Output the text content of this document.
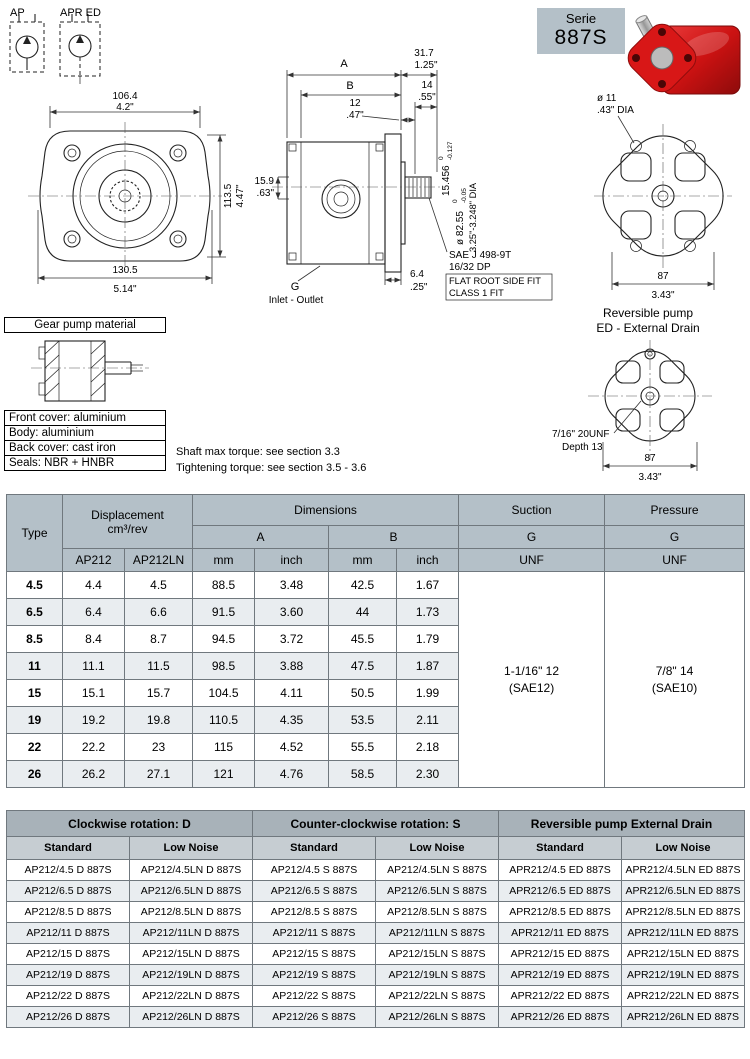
AP	APR ED
106.4
4.2"
113.5 4.47"
130.5
5.14"
A
31.7
1.25"
B	14
.55"
12
.47"
15.9
.63"
6.4
.25"
15.456
0 -0.127
ø 82.55
0 -0.05 3.25"-3.248" DIA
SAE J 498-9T
16/32 DP
FLAT ROOT SIDE FIT
CLASS 1 FIT
G
Inlet - Outlet
ø 11
.43" DIA
87
3.43"
Reversible pump
ED - External Drain
7/16" 20UNF
Depth 13
87
3.43"
Serie
887S
Gear pump material
Front cover: aluminium
Body: aluminium
Back cover: cast iron
Seals: NBR + HNBR
Shaft max torque: see section 3.3
Tightening torque: see section 3.5 - 3.6
Type	Displacement
cm³/rev		Dimensions				Suction	Pressure
			A		B		G	G
	AP212	AP212LN	mm	inch	mm	inch	UNF	UNF
4.5	4.4	4.5	88.5	3.48	42.5	1.67	
1-1/16" 12
(SAE12)

7/8" 14
(SAE10)

6.5	6.4	6.6	91.5	3.60	44	1.73		
8.5	8.4	8.7	94.5	3.72	45.5	1.79		
11	11.1	11.5	98.5	3.88	47.5	1.87		
15	15.1	15.7	104.5	4.11	50.5	1.99		
19	19.2	19.8	110.5	4.35	53.5	2.11		
22	22.2	23	115	4.52	55.5	2.18		
26	26.2	27.1	121	4.76	58.5	2.30		
Clockwise rotation: D		Counter-clockwise rotation: S		Reversible pump External Drain	
Standard	Low Noise	Standard	Low Noise	Standard	Low Noise
AP212/4.5 D 887S	AP212/4.5LN D 887S	AP212/4.5 S 887S	AP212/4.5LN S 887S	APR212/4.5 ED 887S	APR212/4.5LN ED 887S
AP212/6.5 D 887S	AP212/6.5LN D 887S	AP212/6.5 S 887S	AP212/6.5LN S 887S	APR212/6.5 ED 887S	APR212/6.5LN ED 887S
AP212/8.5 D 887S	AP212/8.5LN D 887S	AP212/8.5 S 887S	AP212/8.5LN S 887S	APR212/8.5 ED 887S	APR212/8.5LN ED 887S
AP212/11 D 887S	AP212/11LN D 887S	AP212/11 S 887S	AP212/11LN S 887S	APR212/11 ED 887S	APR212/11LN ED 887S
AP212/15 D 887S	AP212/15LN D 887S	AP212/15 S 887S	AP212/15LN S 887S	APR212/15 ED 887S	APR212/15LN ED 887S
AP212/19 D 887S	AP212/19LN D 887S	AP212/19 S 887S	AP212/19LN S 887S	APR212/19 ED 887S	APR212/19LN ED 887S
AP212/22 D 887S	AP212/22LN D 887S	AP212/22 S 887S	AP212/22LN S 887S	APR212/22 ED 887S	APR212/22LN ED 887S
AP212/26 D 887S	AP212/26LN D 887S	AP212/26 S 887S	AP212/26LN S 887S	APR212/26 ED 887S	APR212/26LN ED 887S
